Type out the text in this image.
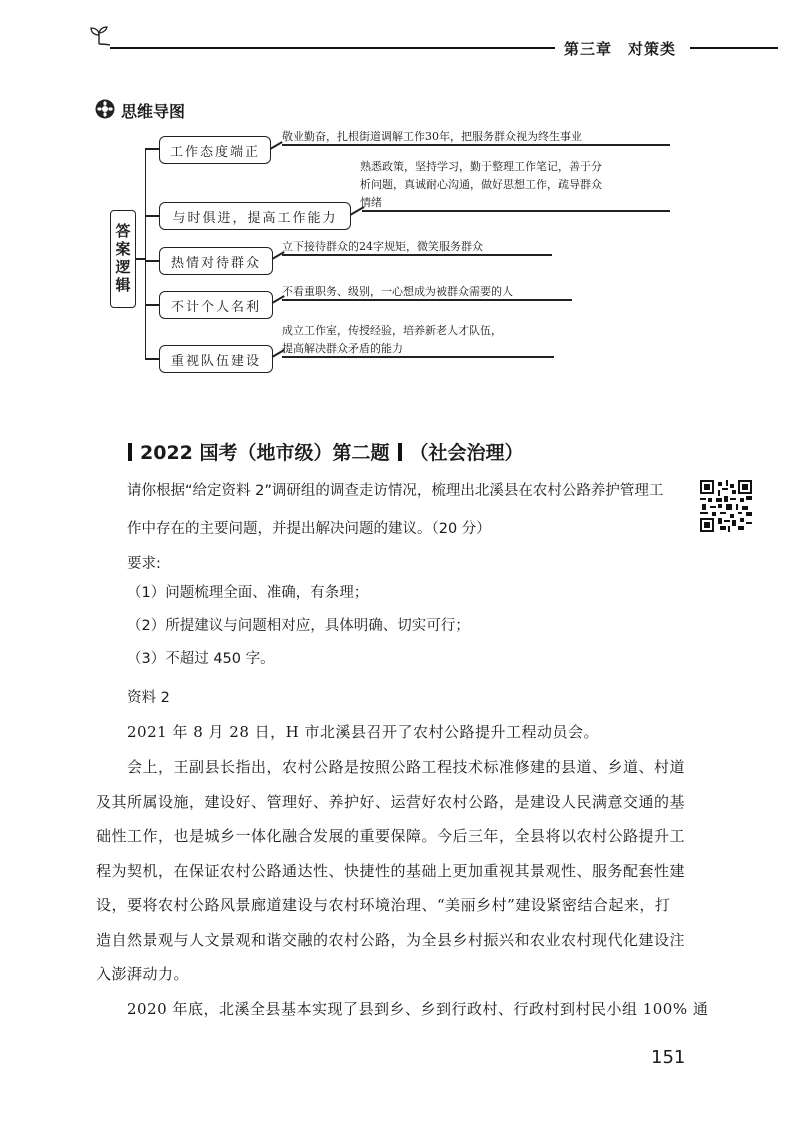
第三章　对策类
思维导图
答案逻辑
工作态度端正
敬业勤奋，扎根街道调解工作30年，把服务群众视为终生事业
与时俱进，提高工作能力
熟悉政策，坚持学习，勤于整理工作笔记，善于分
析问题，真诚耐心沟通，做好思想工作，疏导群众
情绪
热情对待群众
立下接待群众的24字规矩，微笑服务群众
不计个人名利
不看重职务、级别，一心想成为被群众需要的人
重视队伍建设
成立工作室，传授经验，培养新老人才队伍，
提高解决群众矛盾的能力
2022 国考（地市级）第二题 （社会治理）
请你根据“给定资料 2”调研组的调查走访情况，梳理出北溪县在农村公路养护管理工
作中存在的主要问题，并提出解决问题的建议。（20 分）
要求:
（1）问题梳理全面、准确，有条理；
（2）所提建议与问题相对应，具体明确、切实可行；
（3）不超过 450 字。
资料 2
2021 年 8 月 28 日，H 市北溪县召开了农村公路提升工程动员会。
会上，王副县长指出，农村公路是按照公路工程技术标准修建的县道、乡道、村道
及其所属设施，建设好、管理好、养护好、运营好农村公路，是建设人民满意交通的基
础性工作，也是城乡一体化融合发展的重要保障。今后三年，全县将以农村公路提升工
程为契机，在保证农村公路通达性、快捷性的基础上更加重视其景观性、服务配套性建
设，要将农村公路风景廊道建设与农村环境治理、“美丽乡村”建设紧密结合起来，打
造自然景观与人文景观和谐交融的农村公路，为全县乡村振兴和农业农村现代化建设注
入澎湃动力。
2020 年底，北溪全县基本实现了县到乡、乡到行政村、行政村到村民小组 100% 通
151
